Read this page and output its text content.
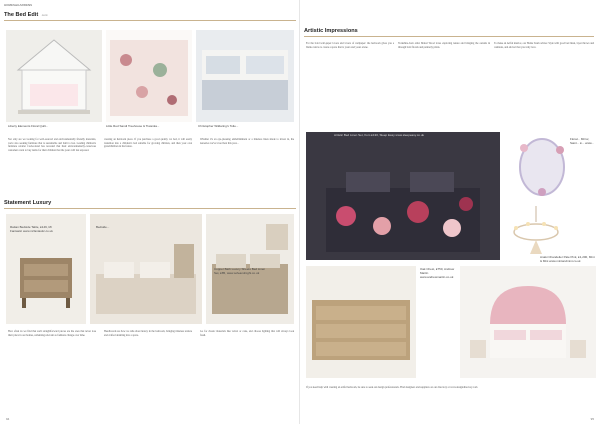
HOMES&GARDENS
The Bed Edit cont
Liberty Elements Floral Quilt...	Little Red Sandi Treehouse & Tiwanka...	Christopher Wildaring's Toile...
Not only are we looking for well-sourced and environmentally friendly materials, we're also seeking furniture that is sustainable and built to last. Leading children's furniture retailer Cuckooland has revealed that their environmentally-conscious customers want to buy items for their children that the years will last exposed.
creating an heirloom piece. If you purchase a good quality cot bed, it will easily transition into a children's bed suitable for growing children, and then your own grandchildren in the future.
Whether it's an eye-pleasing embellishment or a timeless linen shade to invest in, the nurseries we've loved best this year...
Statement Luxury
Rattan Bedside Table, £149, Mr Fantastic www.mrfantastic.co.uk
Bedside...
Copper Bath Luxury Sheets Bed Linen Set, £85, www.sofeandnight.co.uk
How often do we find that such straightforward pieces are the ones that never lose their place in our homes, remaining relevant as fashions change over time.
Headboards are how we talk about luxury in the bedroom, bringing timeless texture and crafted detailing into a space.
Go for classic materials like velvet or cane, and choose lighting that will always look fresh.
94
Artistic Impressions
For the bold wall-paper lovers and lovers of wallpaper: the bedroom gives you a blank canvas to create a space that is yours and yours alone.
Yorkshire-born artist Mabel Wood loves exploring nature and bringing the outside in through bold florals and painterly prints.
To make an Artful interior, our Home Team advise: Style with good bed linen, layer throws and cushions, and add art that you truly love.
Artistic Bed Linen Set, from £130, Sleep Easy www.sleepeasy.co.uk
Floral... Mirror, Saint... £... www...
Anaki Chandelier Pale Pink, £1,200, Mint & Mini www.mintandmini.co.uk
Oak Chest, £750, Andrew Martin www.andrewmartin.co.uk
If you need help with creating an artful bedroom, be sure to seek out design professionals. Find designers and suppliers on our directory at www.designdirectory.com
95
